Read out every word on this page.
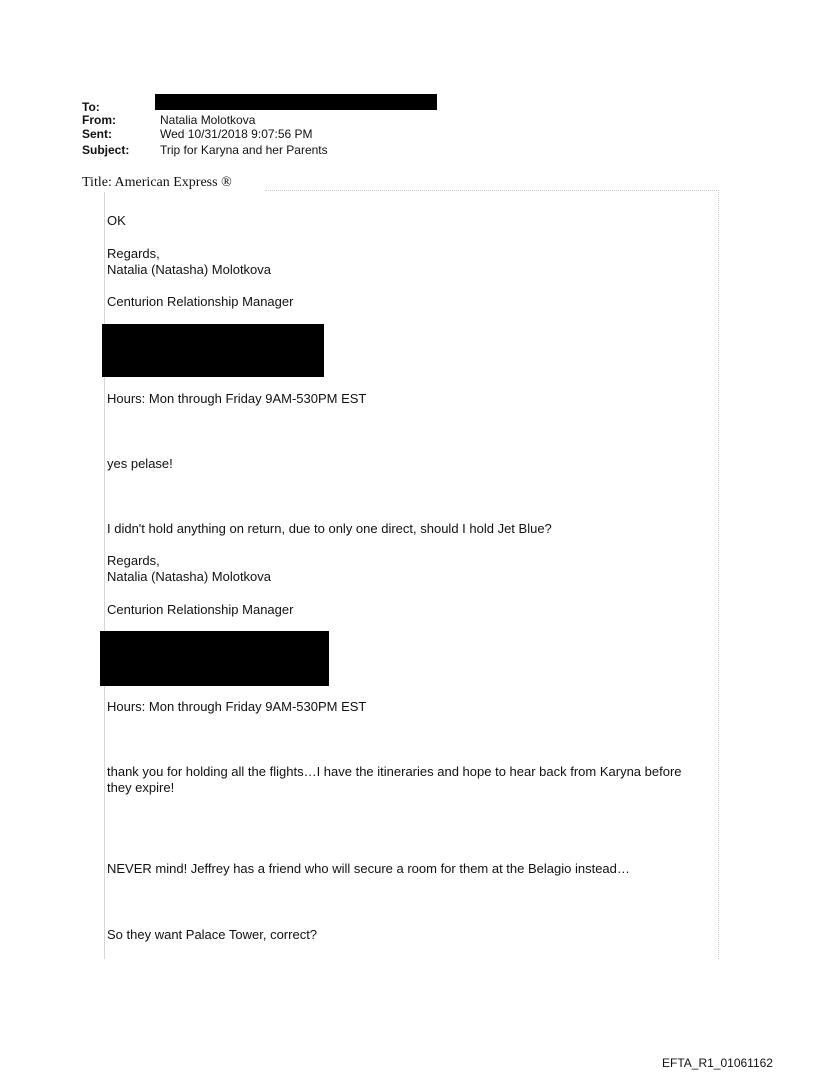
To:
From:	Natalia Molotkova
Sent:	Wed 10/31/2018 9:07:56 PM
Subject:	Trip for Karyna and her Parents
Title: American Express ®
OK
Regards,
Natalia (Natasha) Molotkova
Centurion Relationship Manager
Hours: Mon through Friday 9AM-530PM EST
yes pelase!
I didn't hold anything on return, due to only one direct, should I hold Jet Blue?
Regards,
Natalia (Natasha) Molotkova
Centurion Relationship Manager
Hours: Mon through Friday 9AM-530PM EST
thank you for holding all the flights…I have the itineraries and hope to hear back from Karyna before they expire!
NEVER mind! Jeffrey has a friend who will secure a room for them at the Belagio instead…
So they want Palace Tower, correct?
EFTA_R1_01061162
